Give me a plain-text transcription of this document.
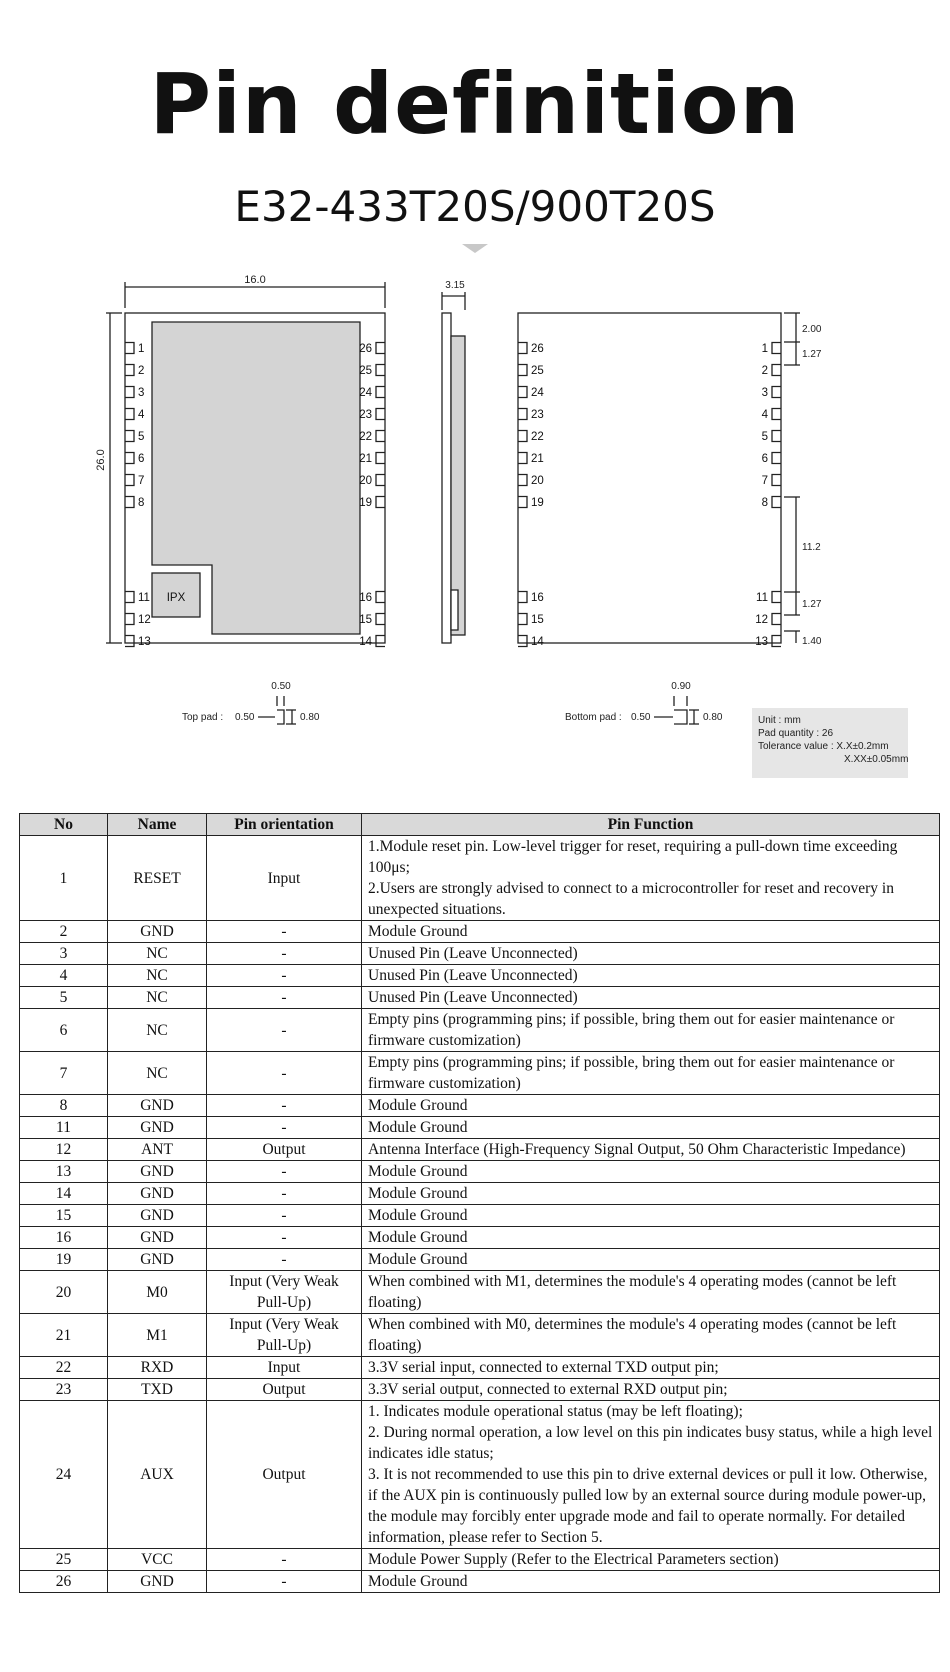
Pin definition
E32-433T20S/900T20S
IPX
1
2
3
4
5
6
7
8
11
12
13
26
25
24
23
22
21
20
19
16
15
14
16.0
26.0
3.15
26
25
24
23
22
21
20
19
16
15
14
1
2
3
4
5
6
7
8
11
12
13
2.00
1.27
11.2
1.27
1.40
Top pad : 0.50	0.80
0.50
Bottom pad : 0.50	0.80
0.90
Unit : mm
Pad quantity : 26
Tolerance value : X.X±0.2mm
X.XX±0.05mm
No	Name	Pin orientation	Pin Function
1	RESET	Input	1.Module reset pin. Low-level trigger for reset, requiring a pull-down time exceeding 100μs;
2.Users are strongly advised to connect to a microcontroller for reset and recovery in unexpected situations.

2	GND	-	Module Ground

3	NC	-	Unused Pin (Leave Unconnected)

4	NC	-	Unused Pin (Leave Unconnected)

5	NC	-	Unused Pin (Leave Unconnected)

6	NC	-	Empty pins (programming pins; if possible, bring them out for easier maintenance or firmware customization)

7	NC	-	Empty pins (programming pins; if possible, bring them out for easier maintenance or firmware customization)

8	GND	-	Module Ground

11	GND	-	Module Ground

12	ANT	Output	Antenna Interface (High-Frequency Signal Output, 50 Ohm Characteristic Impedance)

13	GND	-	Module Ground

14	GND	-	Module Ground

15	GND	-	Module Ground

16	GND	-	Module Ground

19	GND	-	Module Ground

20	M0	Input (Very Weak Pull-Up)	When combined with M1, determines the module's 4 operating modes (cannot be left floating)

21	M1	Input (Very Weak Pull-Up)	When combined with M0, determines the module's 4 operating modes (cannot be left floating)

22	RXD	Input	3.3V serial input, connected to external TXD output pin;

23	TXD	Output	3.3V serial output, connected to external RXD output pin;

24	AUX	Output	1. Indicates module operational status (may be left floating);
2. During normal operation, a low level on this pin indicates busy status, while a high level indicates idle status;
3. It is not recommended to use this pin to drive external devices or pull it low. Otherwise, if the AUX pin is continuously pulled low by an external source during module power-up, the module may forcibly enter upgrade mode and fail to operate normally. For detailed information, please refer to Section 5.

25	VCC	-	Module Power Supply (Refer to the Electrical Parameters section)

26	GND	-	Module Ground
